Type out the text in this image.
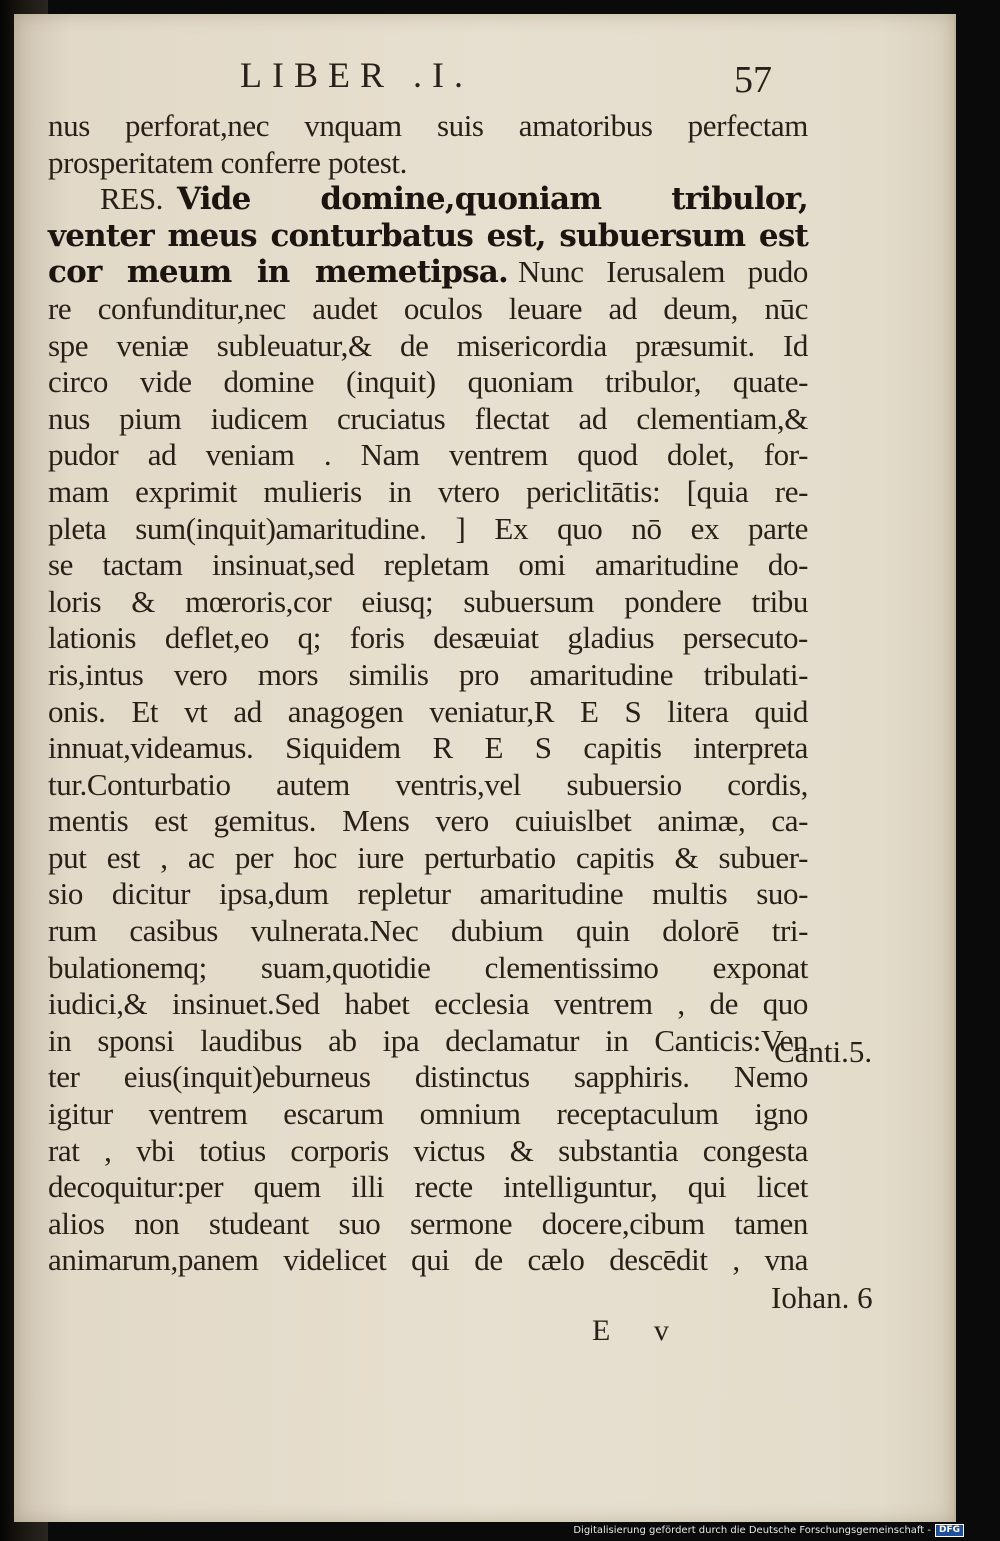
LIBER .I.	57
nus perforat,nec vnquam suis amatoribus perfectam
prosperitatem conferre potest.
RES. Vide domine,quoniam tribulor,
venter meus conturbatus est, subuersum est
cor meum in memetipsa. Nunc Ierusalem pudo
re confunditur,nec audet oculos leuare ad deum, nūc
spe veniæ subleuatur,& de misericordia præsumit. Id
circo vide domine (inquit) quoniam tribulor, quate-
nus pium iudicem cruciatus flectat ad clementiam,&
pudor ad veniam . Nam ventrem quod dolet, for-
mam exprimit mulieris in vtero periclitātis: [quia re-
pleta sum(inquit)amaritudine. ] Ex quo nō ex parte
se tactam insinuat,sed repletam omi amaritudine do-
loris & mœroris,cor eiusq; subuersum pondere tribu
lationis deflet,eo q; foris desæuiat gladius persecuto-
ris,intus vero mors similis pro amaritudine tribulati-
onis. Et vt ad anagogen veniatur,R E S litera quid
innuat,videamus. Siquidem R E S capitis interpreta
tur.Conturbatio autem ventris,vel subuersio cordis,
mentis est gemitus. Mens vero cuiuislbet animæ, ca-
put est , ac per hoc iure perturbatio capitis & subuer-
sio dicitur ipsa,dum repletur amaritudine multis suo-
rum casibus vulnerata.Nec dubium quin dolorē tri-
bulationemq; suam,quotidie clementissimo exponat
iudici,& insinuet.Sed habet ecclesia ventrem , de quo
in sponsi laudibus ab ipa declamatur in Canticis:Ven
ter eius(inquit)eburneus distinctus sapphiris. Nemo
igitur ventrem escarum omnium receptaculum igno
rat , vbi totius corporis victus & substantia congesta
decoquitur:per quem illi recte intelliguntur, qui licet
alios non studeant suo sermone docere,cibum tamen
animarum,panem videlicet qui de cælo descēdit , vna
Canti.5.
Iohan. 6
E v
Digitalisierung gefördert durch die Deutsche Forschungsgemeinschaft - DFG
